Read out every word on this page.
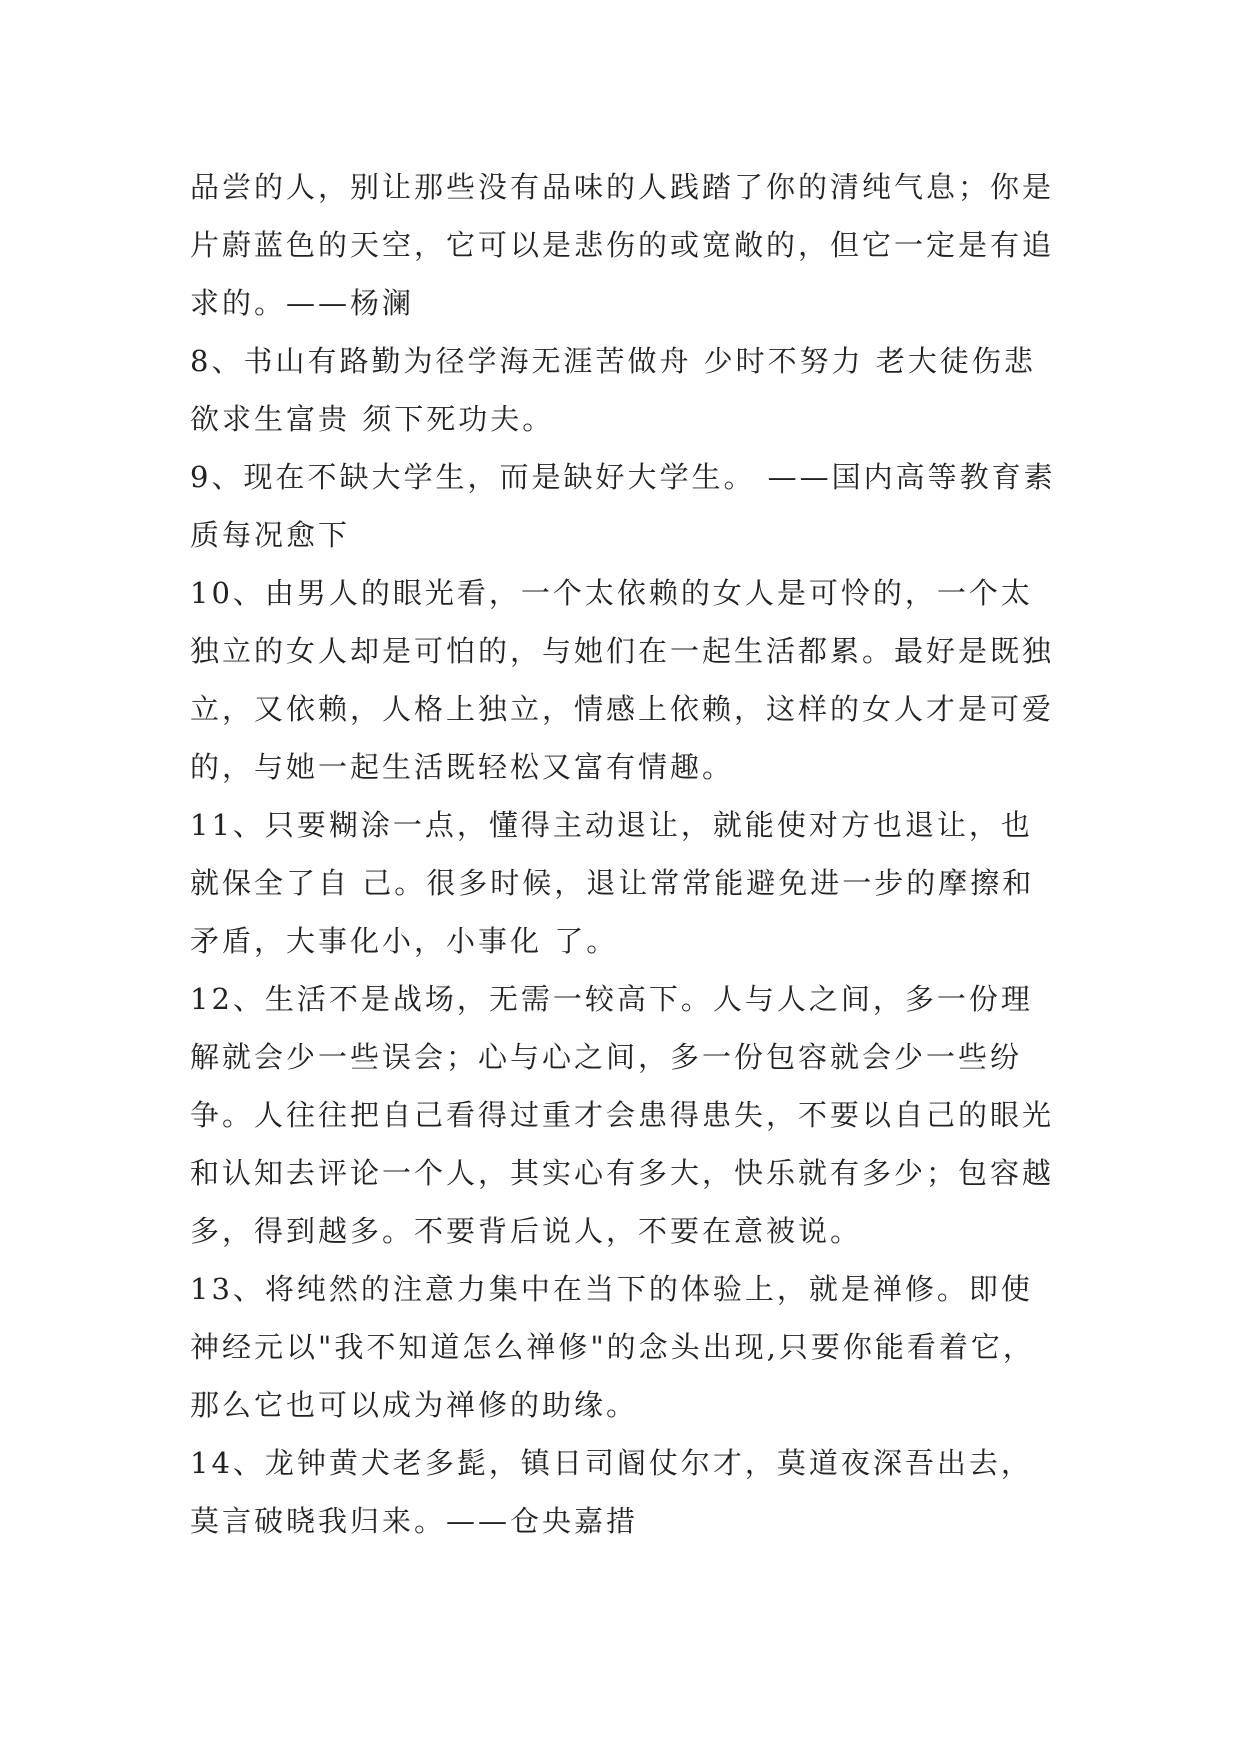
品尝的人，别让那些没有品味的人践踏了你的清纯气息；你是片蔚蓝色的天空，它可以是悲伤的或宽敞的，但它一定是有追求的。——杨澜

8、书山有路勤为径学海无涯苦做舟 少时不努力 老大徒伤悲 欲求生富贵 须下死功夫。

9、现在不缺大学生，而是缺好大学生。 ——国内高等教育素质每况愈下

10、由男人的眼光看，一个太依赖的女人是可怜的，一个太独立的女人却是可怕的，与她们在一起生活都累。最好是既独立，又依赖，人格上独立，情感上依赖，这样的女人才是可爱的，与她一起生活既轻松又富有情趣。

11、只要糊涂一点，懂得主动退让，就能使对方也退让，也就保全了自 己。很多时候，退让常常能避免进一步的摩擦和矛盾，大事化小，小事化 了。

12、生活不是战场，无需一较高下。人与人之间，多一份理解就会少一些误会；心与心之间，多一份包容就会少一些纷争。人往往把自己看得过重才会患得患失，不要以自己的眼光和认知去评论一个人，其实心有多大，快乐就有多少；包容越多，得到越多。不要背后说人，不要在意被说。

13、将纯然的注意力集中在当下的体验上，就是禅修。即使神经元以"我不知道怎么禅修"的念头出现,只要你能看着它，那么它也可以成为禅修的助缘。

14、龙钟黄犬老多髭，镇日司阍仗尔才，莫道夜深吾出去，莫言破晓我归来。——仓央嘉措
